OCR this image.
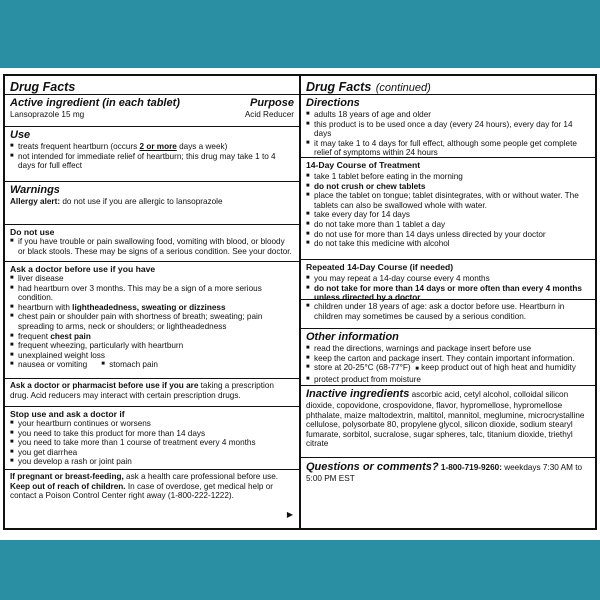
Drug Facts
Active ingredient (in each tablet)	Purpose
Lansoprazole 15 mg	Acid Reducer
Use
■ treats frequent heartburn (occurs 2 or more days a week)
■ not intended for immediate relief of heartburn; this drug may take 1 to 4 days for full effect
Warnings
Allergy alert: do not use if you are allergic to lansoprazole
Do not use
■ if you have trouble or pain swallowing food, vomiting with blood, or bloody or black stools. These may be signs of a serious condition. See your doctor.
Ask a doctor before use if you have
■ liver disease
■ had heartburn over 3 months. This may be a sign of a more serious condition.
■ heartburn with lightheadedness, sweating or dizziness
■ chest pain or shoulder pain with shortness of breath; sweating; pain spreading to arms, neck or shoulders; or lightheadedness
■ frequent chest pain
■ frequent wheezing, particularly with heartburn
■ unexplained weight loss
■ nausea or vomiting
■	stomach pain
Ask a doctor or pharmacist before use if you are taking a prescription drug. Acid reducers may interact with certain prescription drugs.
Stop use and ask a doctor if
■ your heartburn continues or worsens
■ you need to take this product for more than 14 days
■ you need to take more than 1 course of treatment every 4 months
■ you get diarrhea
■ you develop a rash or joint pain
If pregnant or breast-feeding, ask a health care professional before use.
Keep out of reach of children. In case of overdose, get medical help or contact a Poison Control Center right away (1-800-222-1222).
▶
Drug Facts (continued)
Directions
■ adults 18 years of age and older
■ this product is to be used once a day (every 24 hours), every day for 14 days
■ it may take 1 to 4 days for full effect, although some people get complete relief of symptoms within 24 hours
14-Day Course of Treatment
■ take 1 tablet before eating in the morning
■ do not crush or chew tablets
■ place the tablet on tongue; tablet disintegrates, with or without water. The tablets can also be swallowed whole with water.
■ take every day for 14 days
■ do not take more than 1 tablet a day
■ do not use for more than 14 days unless directed by your doctor
■ do not take this medicine with alcohol
Repeated 14-Day Course (if needed)
■ you may repeat a 14-day course every 4 months
■ do not take for more than 14 days or more often than every 4 months unless directed by a doctor
■ children under 18 years of age: ask a doctor before use. Heartburn in children may sometimes be caused by a serious condition.
Other information
■ read the directions, warnings and package insert before use
■ keep the carton and package insert. They contain important information.
■ store at 20-25°C (68-77°F) ■ keep product out of high heat and humidity
■ protect product from moisture
Inactive ingredients ascorbic acid, cetyl alcohol, colloidal silicon dioxide, copovidone, crospovidone, flavor, hypromellose, hypromellose phthalate, maize maltodextrin, maltitol, mannitol, meglumine, microcrystalline cellulose, polysorbate 80, propylene glycol, silicon dioxide, sodium stearyl fumarate, sorbitol, sucralose, sugar spheres, talc, titanium dioxide, triethyl citrate
Questions or comments? 1-800-719-9260: weekdays 7:30 AM to 5:00 PM EST
